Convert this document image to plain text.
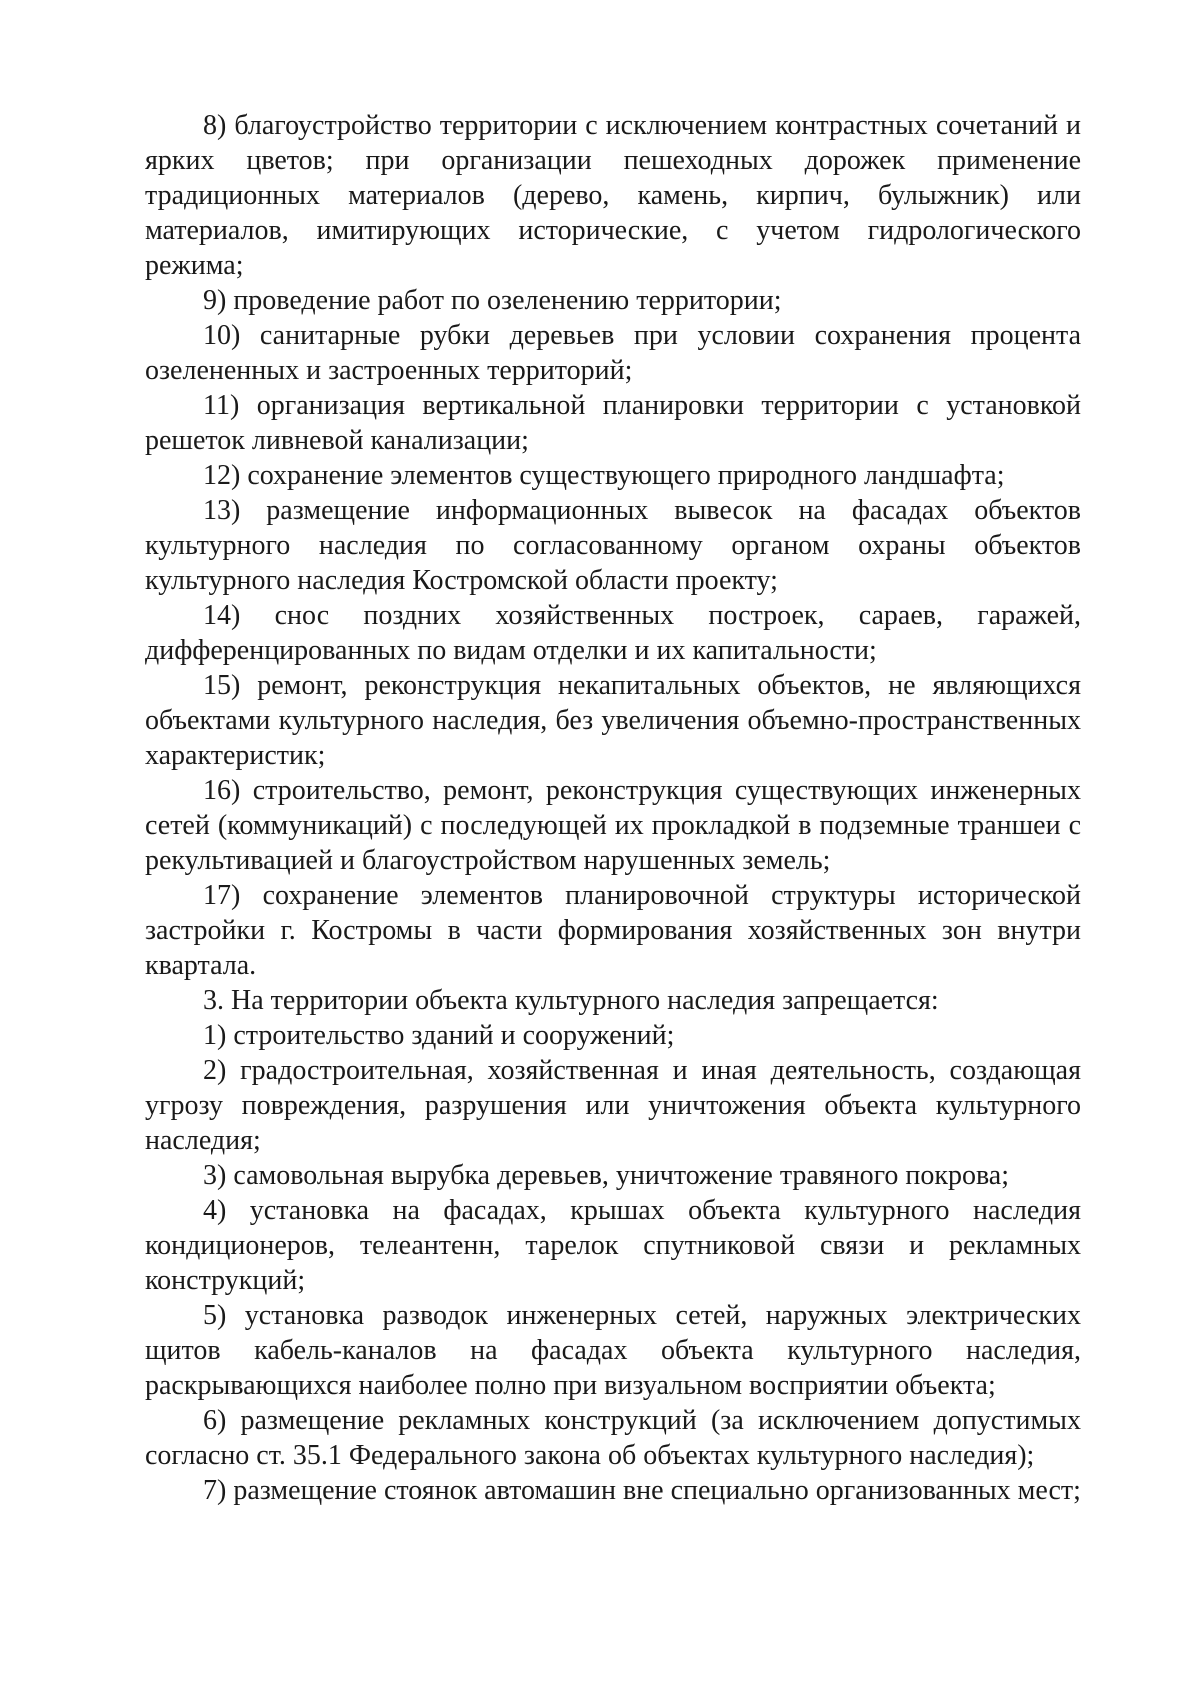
8) благоустройство территории с исключением контрастных сочетаний и ярких цветов; при организации пешеходных дорожек применение традиционных материалов (дерево, камень, кирпич, булыжник) или материалов, имитирующих исторические, с учетом гидрологического режима;

9) проведение работ по озеленению территории;

10) санитарные рубки деревьев при условии сохранения процента озелененных и застроенных территорий;

11) организация вертикальной планировки территории с установкой решеток ливневой канализации;

12) сохранение элементов существующего природного ландшафта;

13) размещение информационных вывесок на фасадах объектов культурного наследия по согласованному органом охраны объектов культурного наследия Костромской области проекту;

14) снос поздних хозяйственных построек, сараев, гаражей, дифференцированных по видам отделки и их капитальности;

15) ремонт, реконструкция некапитальных объектов, не являющихся объектами культурного наследия, без увеличения объемно-пространственных характеристик;

16) строительство, ремонт, реконструкция существующих инженерных сетей (коммуникаций) с последующей их прокладкой в подземные траншеи с рекультивацией и благоустройством нарушенных земель;

17) сохранение элементов планировочной структуры исторической застройки г. Костромы в части формирования хозяйственных зон внутри квартала.

3. На территории объекта культурного наследия запрещается:

1) строительство зданий и сооружений;

2) градостроительная, хозяйственная и иная деятельность, создающая угрозу повреждения, разрушения или уничтожения объекта культурного наследия;

3) самовольная вырубка деревьев, уничтожение травяного покрова;

4) установка на фасадах, крышах объекта культурного наследия кондиционеров, телеантенн, тарелок спутниковой связи и рекламных конструкций;

5) установка разводок инженерных сетей, наружных электрических щитов кабель-каналов на фасадах объекта культурного наследия, раскрывающихся наиболее полно при визуальном восприятии объекта;

6) размещение рекламных конструкций (за исключением допустимых согласно ст. 35.1 Федерального закона об объектах культурного наследия);

7) размещение стоянок автомашин вне специально организованных мест;
